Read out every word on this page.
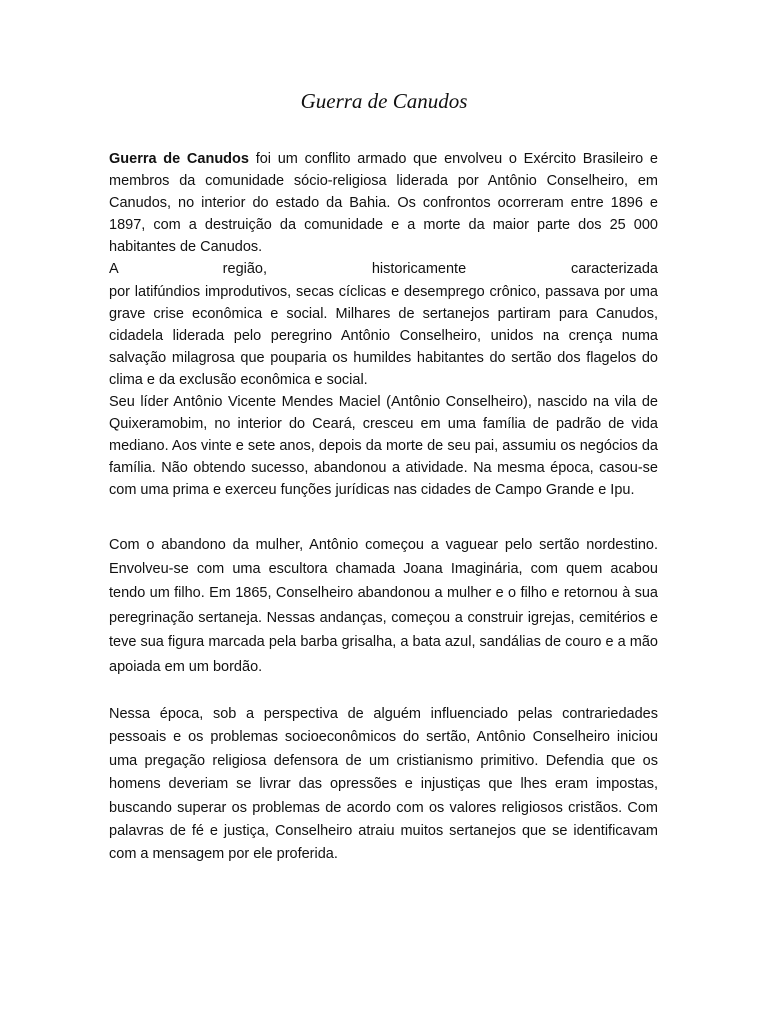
Guerra de Canudos

Guerra de Canudos foi um conflito armado que envolveu o Exército Brasileiro e membros da comunidade sócio-religiosa liderada por Antônio Conselheiro, em Canudos, no interior do estado da Bahia. Os confrontos ocorreram entre 1896 e 1897, com a destruição da comunidade e a morte da maior parte dos 25 000 habitantes de Canudos.

A região, historicamente caracterizada

por latifúndios improdutivos, secas cíclicas e desemprego crônico, passava por uma grave crise econômica e social. Milhares de sertanejos partiram para Canudos, cidadela liderada pelo peregrino Antônio Conselheiro, unidos na crença numa salvação milagrosa que pouparia os humildes habitantes do sertão dos flagelos do clima e da exclusão econômica e social.

Seu líder Antônio Vicente Mendes Maciel (Antônio Conselheiro), nascido na vila de Quixeramobim, no interior do Ceará, cresceu em uma família de padrão de vida mediano. Aos vinte e sete anos, depois da morte de seu pai, assumiu os negócios da família. Não obtendo sucesso, abandonou a atividade. Na mesma época, casou-se com uma prima e exerceu funções jurídicas nas cidades de Campo Grande e Ipu.

Com o abandono da mulher, Antônio começou a vaguear pelo sertão nordestino. Envolveu-se com uma escultora chamada Joana Imaginária, com quem acabou tendo um filho. Em 1865, Conselheiro abandonou a mulher e o filho e retornou à sua peregrinação sertaneja. Nessas andanças, começou a construir igrejas, cemitérios e teve sua figura marcada pela barba grisalha, a bata azul, sandálias de couro e a mão apoiada em um bordão.

Nessa época, sob a perspectiva de alguém influenciado pelas contrariedades pessoais e os problemas socioeconômicos do sertão, Antônio Conselheiro iniciou uma pregação religiosa defensora de um cristianismo primitivo. Defendia que os homens deveriam se livrar das opressões e injustiças que lhes eram impostas, buscando superar os problemas de acordo com os valores religiosos cristãos. Com palavras de fé e justiça, Conselheiro atraiu muitos sertanejos que se identificavam com a mensagem por ele proferida.
